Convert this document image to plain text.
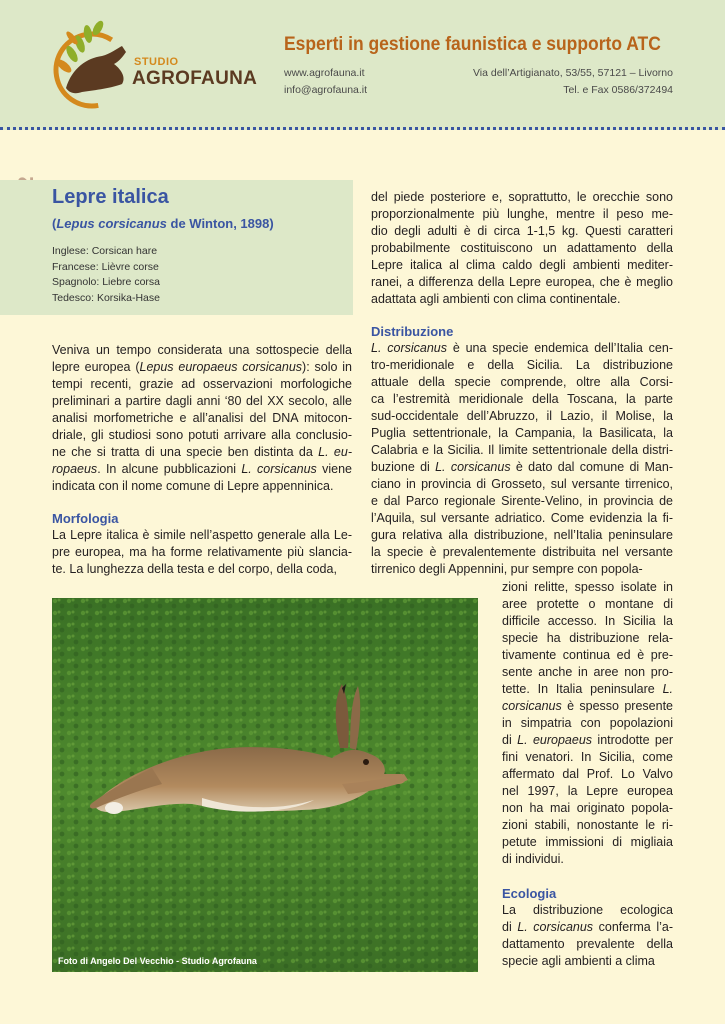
STUDIO
AGROFAUNA
Esperti in gestione faunistica e supporto ATC
www.agrofauna.it
info@agrofauna.it
Via dell’Artigianato, 53/55, 57121 – Livorno
Tel. e Fax 0586/372494
Lepre italica
(Lepus corsicanus de Winton, 1898)
Inglese: Corsican hare
Francese: Lièvre corse
Spagnolo: Liebre corsa
Tedesco: Korsika-Hase
Veniva un tempo considerata una sottospecie della
lepre europea (Lepus europaeus corsicanus): solo in
tempi recenti, grazie ad osservazioni morfologiche
preliminari a partire dagli anni ‘80 del XX secolo, alle
analisi morfometriche e all’analisi del DNA mitocon-
driale, gli studiosi sono potuti arrivare alla conclusio-
ne che si tratta di una specie ben distinta da L. eu-
ropaeus. In alcune pubblicazioni L. corsicanus viene
indicata con il nome comune di Lepre appenninica.
Morfologia
La Lepre italica è simile nell’aspetto generale alla Le-
pre europea, ma ha forme relativamente più slancia-
te. La lunghezza della testa e del corpo, della coda,
Foto di Angelo Del Vecchio - Studio Agrofauna
del piede posteriore e, soprattutto, le orecchie sono
proporzionalmente più lunghe, mentre il peso me-
dio degli adulti è di circa 1-1,5 kg. Questi caratteri
probabilmente costituiscono un adattamento della
Lepre italica al clima caldo degli ambienti mediter-
ranei, a differenza della Lepre europea, che è meglio
adattata agli ambienti con clima continentale.
Distribuzione
L. corsicanus è una specie endemica dell’Italia cen-
tro-meridionale e della Sicilia. La distribuzione
attuale della specie comprende, oltre alla Corsi-
ca l’estremità meridionale della Toscana, la parte
sud-occidentale dell’Abruzzo, il Lazio, il Molise, la
Puglia settentrionale, la Campania, la Basilicata, la
Calabria e la Sicilia. Il limite settentrionale della distri-
buzione di L. corsicanus è dato dal comune di Man-
ciano in provincia di Grosseto, sul versante tirrenico,
e dal Parco regionale Sirente-Velino, in provincia de
l’Aquila, sul versante adriatico. Come evidenzia la fi-
gura relativa alla distribuzione, nell’Italia peninsulare
la specie è prevalentemente distribuita nel versante
tirrenico degli Appennini, pur sempre con popola-
zioni relitte, spesso isolate in
aree protette o montane di
difficile accesso. In Sicilia la
specie ha distribuzione rela-
tivamente continua ed è pre-
sente anche in aree non pro-
tette. In Italia peninsulare L.
corsicanus è spesso presente
in simpatria con popolazioni
di L. europaeus introdotte per
fini venatori. In Sicilia, come
affermato dal Prof. Lo Valvo
nel 1997, la Lepre europea
non ha mai originato popola-
zioni stabili, nonostante le ri-
petute immissioni di migliaia
di individui.
Ecologia
La distribuzione ecologica
di L. corsicanus conferma l’a-
dattamento prevalente della
specie agli ambienti a clima
